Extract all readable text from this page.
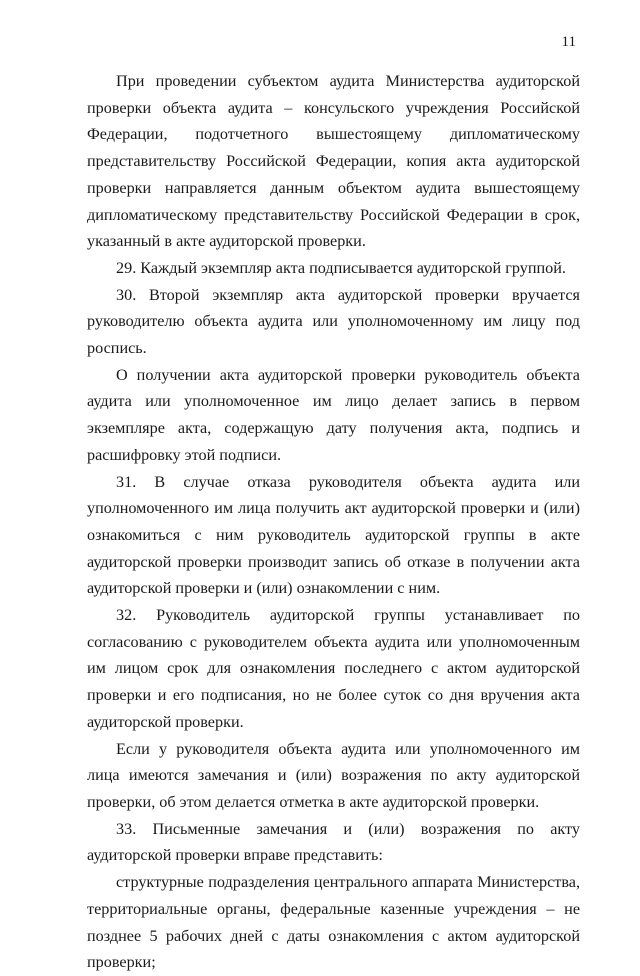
11

При проведении субъектом аудита Министерства аудиторской проверки объекта аудита – консульского учреждения Российской Федерации, подотчетного вышестоящему дипломатическому представительству Российской Федерации, копия акта аудиторской проверки направляется данным объектом аудита вышестоящему дипломатическому представительству Российской Федерации в срок, указанный в акте аудиторской проверки.

29. Каждый экземпляр акта подписывается аудиторской группой.

30. Второй экземпляр акта аудиторской проверки вручается руководителю объекта аудита или уполномоченному им лицу под роспись.

О получении акта аудиторской проверки руководитель объекта аудита или уполномоченное им лицо делает запись в первом экземпляре акта, содержащую дату получения акта, подпись и расшифровку этой подписи.

31. В случае отказа руководителя объекта аудита или уполномоченного им лица получить акт аудиторской проверки и (или) ознакомиться с ним руководитель аудиторской группы в акте аудиторской проверки производит запись об отказе в получении акта аудиторской проверки и (или) ознакомлении с ним.

32. Руководитель аудиторской группы устанавливает по согласованию с руководителем объекта аудита или уполномоченным им лицом срок для ознакомления последнего с актом аудиторской проверки и его подписания, но не более суток со дня вручения акта аудиторской проверки.

Если у руководителя объекта аудита или уполномоченного им лица имеются замечания и (или) возражения по акту аудиторской проверки, об этом делается отметка в акте аудиторской проверки.

33. Письменные замечания и (или) возражения по акту аудиторской проверки вправе представить:

структурные подразделения центрального аппарата Министерства, территориальные органы, федеральные казенные учреждения – не позднее 5 рабочих дней с даты ознакомления с актом аудиторской проверки;
